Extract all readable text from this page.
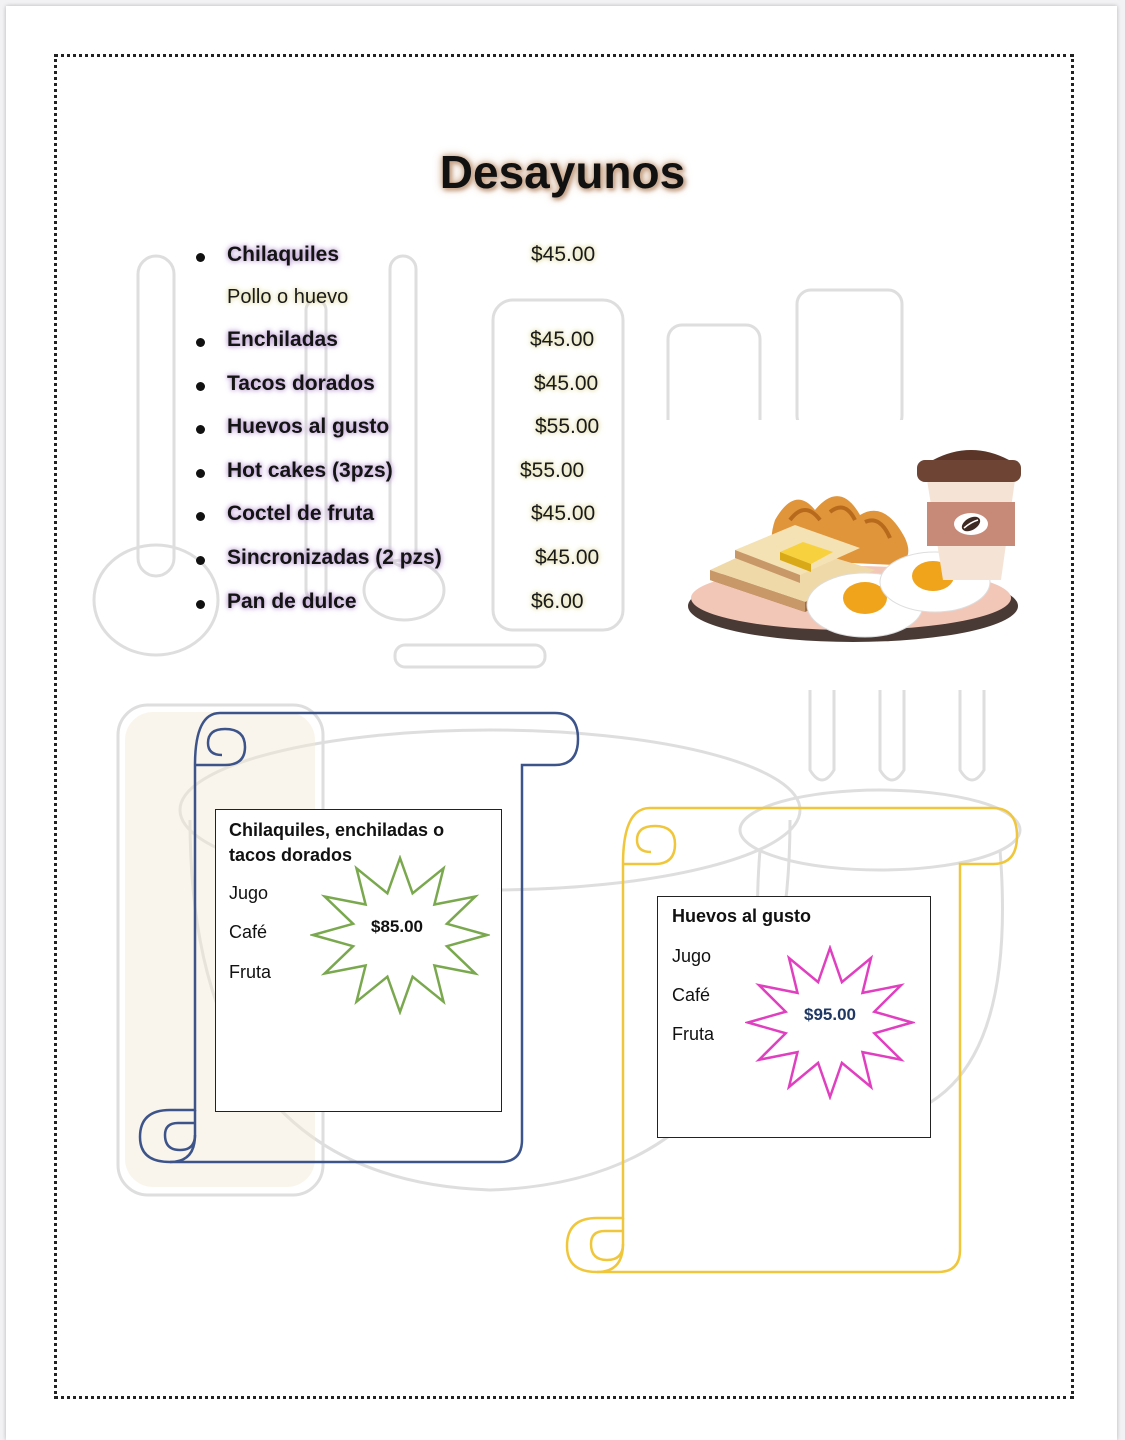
Desayunos
Chilaquiles	$45.00
Pollo o huevo
Enchiladas	$45.00
Tacos dorados	$45.00
Huevos al gusto	$55.00
Hot cakes (3pzs)	$55.00
Coctel de fruta	$45.00
Sincronizadas (2 pzs)	$45.00
Pan de dulce	$6.00
Chilaquiles, enchiladas o tacos dorados
Jugo
Café
Fruta
$85.00
Huevos al gusto
Jugo
Café
Fruta
$95.00
